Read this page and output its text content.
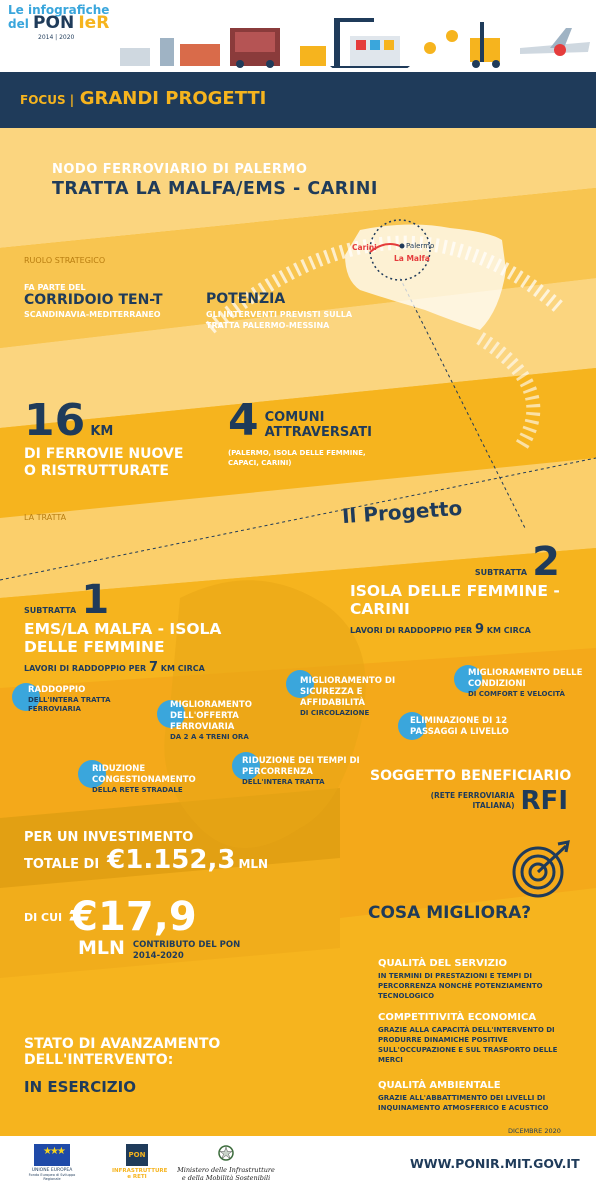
Le infografiche
del PON IeR
2014 | 2020
FOCUS | GRANDI PROGETTI
NODO FERROVIARIO DI PALERMO
TRATTA LA MALFA/EMS - CARINI
Carini	Palermo
La Malfa
RUOLO STRATEGICO
FA PARTE DEL
CORRIDOIO TEN-T
SCANDINAVIA-MEDITERRANEO
POTENZIA
GLI INTERVENTI PREVISTI SULLA TRATTA PALERMO-MESSINA
16 KM
DI FERROVIE NUOVE
O RISTRUTTURATE
4 COMUNI
ATTRAVERSATI
(PALERMO, ISOLA DELLE FEMMINE, CAPACI, CARINI)
LA TRATTA	Il Progetto
SUBTRATTA 2
ISOLA DELLE FEMMINE - CARINI
LAVORI DI RADDOPPIO PER 9 KM CIRCA
SUBTRATTA 1
EMS/LA MALFA - ISOLA DELLE FEMMINE
LAVORI DI RADDOPPIO PER 7 KM CIRCA
RADDOPPIO
DELL'INTERA TRATTA FERROVIARIA	MIGLIORAMENTO DELL'OFFERTA FERROVIARIA
DA 2 A 4 TRENI ORA
MIGLIORAMENTO DI SICUREZZA E AFFIDABILITÀ
DI CIRCOLAZIONE
MIGLIORAMENTO DELLE CONDIZIONI
DI COMFORT E VELOCITÀ
ELIMINAZIONE DI 12 PASSAGGI A LIVELLO
RIDUZIONE CONGESTIONAMENTO
DELLA RETE STRADALE
RIDUZIONE DEI TEMPI DI PERCORRENZA
DELL'INTERA TRATTA	SOGGETTO BENEFICIARIO
(RETE FERROVIARIA ITALIANA) RFI
PER UN INVESTIMENTO
TOTALE DI €1.152,3 MLN
DI CUI €17,9
MLN CONTRIBUTO DEL PON 2014-2020
COSA MIGLIORA?
QUALITÀ DEL SERVIZIO
IN TERMINI DI PRESTAZIONI E TEMPI DI PERCORRENZA NONCHÈ POTENZIAMENTO TECNOLOGICO
COMPETITIVITÀ ECONOMICA
GRAZIE ALLA CAPACITÀ DELL'INTERVENTO DI PRODURRE DINAMICHE POSITIVE SULL'OCCUPAZIONE E SUL TRASPORTO DELLE MERCI
QUALITÀ AMBIENTALE
GRAZIE ALL'ABBATTIMENTO DEI LIVELLI DI INQUINAMENTO ATMOSFERICO E ACUSTICO
STATO DI AVANZAMENTO
DELL'INTERVENTO:
IN ESERCIZIO
DICEMBRE 2020
★★★
UNIONE EUROPEA
Fondo Europeo di Sviluppo Regionale
PON
INFRASTRUTTURE
e RETI
Ministero delle Infrastrutture
e della Mobilità Sostenibili
WWW.PONIR.MIT.GOV.IT
